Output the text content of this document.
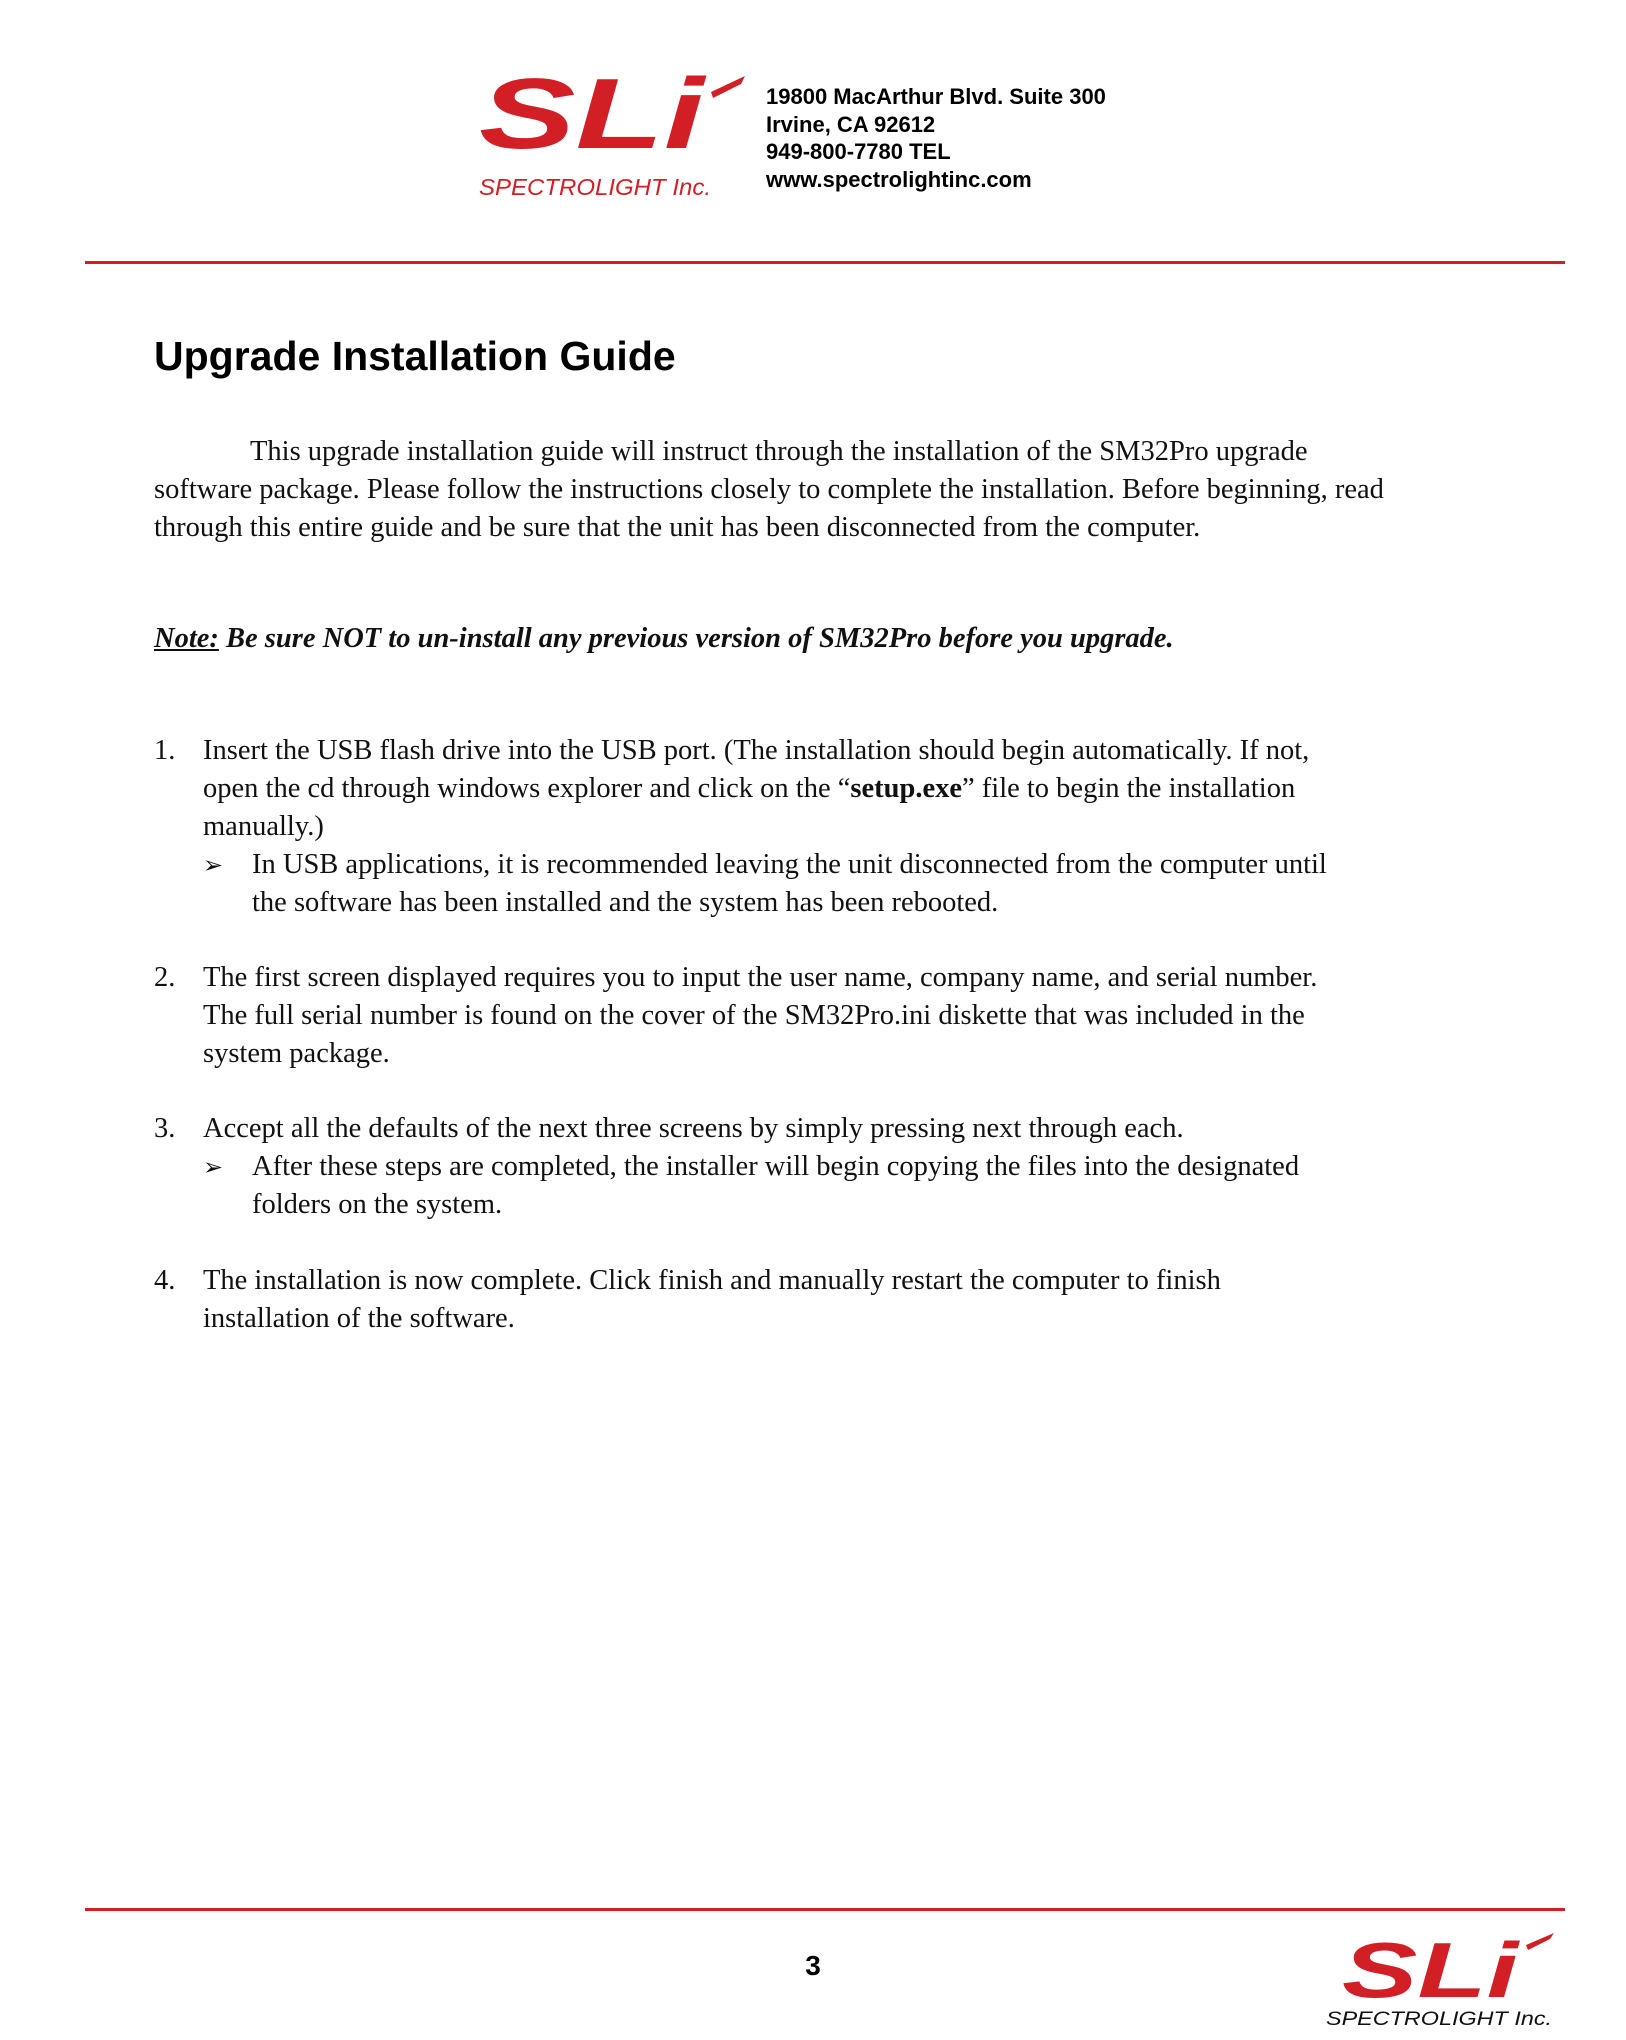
SLi
SPECTROLIGHT Inc.
19800 MacArthur Blvd. Suite 300
Irvine, CA 92612
949-800-7780 TEL
www.spectrolightinc.com
Upgrade Installation Guide

This upgrade installation guide will instruct through the installation of the SM32Pro upgrade software package. Please follow the instructions closely to complete the installation. Before beginning, read through this entire guide and be sure that the unit has been disconnected from the computer.

Note: Be sure NOT to un-install any previous version of SM32Pro before you upgrade.

1. Insert the USB flash drive into the USB port. (The installation should begin automatically. If not, open the cd through windows explorer and click on the “setup.exe” file to begin the installation manually.)
➢ In USB applications, it is recommended leaving the unit disconnected from the computer until the software has been installed and the system has been rebooted.
2. The first screen displayed requires you to input the user name, company name, and serial number. The full serial number is found on the cover of the SM32Pro.ini diskette that was included in the system package.
3. Accept all the defaults of the next three screens by simply pressing next through each.
➢ After these steps are completed, the installer will begin copying the files into the designated folders on the system.
4. The installation is now complete. Click finish and manually restart the computer to finish installation of the software.
3	SLi
SPECTROLIGHT Inc.
